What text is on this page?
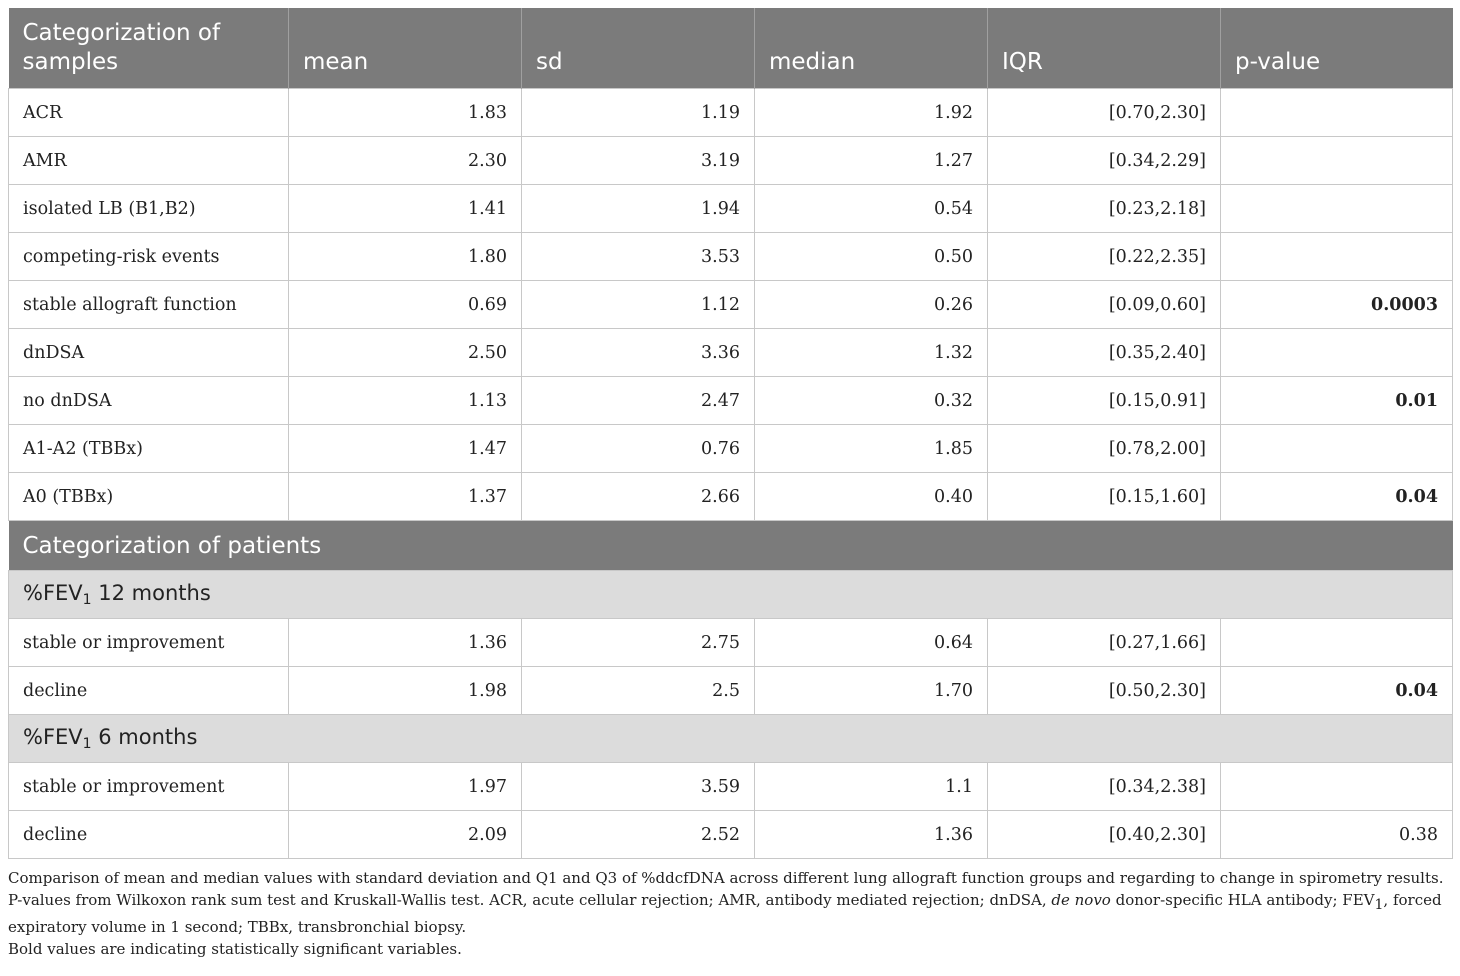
Categorization of samples	mean	sd	median	IQR	p-value
ACR	1.83	1.19	1.92	[0.70,2.30]	
AMR	2.30	3.19	1.27	[0.34,2.29]	
isolated LB (B1,B2)	1.41	1.94	0.54	[0.23,2.18]	
competing-risk events	1.80	3.53	0.50	[0.22,2.35]	
stable allograft function	0.69	1.12	0.26	[0.09,0.60]	0.0003
dnDSA	2.50	3.36	1.32	[0.35,2.40]	
no dnDSA	1.13	2.47	0.32	[0.15,0.91]	0.01
A1-A2 (TBBx)	1.47	0.76	1.85	[0.78,2.00]	
A0 (TBBx)	1.37	2.66	0.40	[0.15,1.60]	0.04
Categorization of patients					
$\%FEV_1$ 12 months					
stable or improvement	1.36	2.75	0.64	[0.27,1.66]	
decline	1.98	2.5	1.70	[0.50,2.30]	0.04
$\%FEV_1$ 6 months					
stable or improvement	1.97	3.59	1.1	[0.34,2.38]	
decline	2.09	2.52	1.36	[0.40,2.30]	0.38

Comparison of mean and median values with standard deviation and Q1 and Q3 of %ddcfDNA across different lung allograft function groups and regarding to change in spirometry results. P-values from Wilkoxon rank sum test and Kruskall-Wallis test. ACR, acute cellular rejection; AMR, antibody mediated rejection; dnDSA, de novo donor-specific HLA antibody; $FEV_1$, forced expiratory volume in 1 second; TBBx, transbronchial biopsy.

Bold values are indicating statistically significant variables.
